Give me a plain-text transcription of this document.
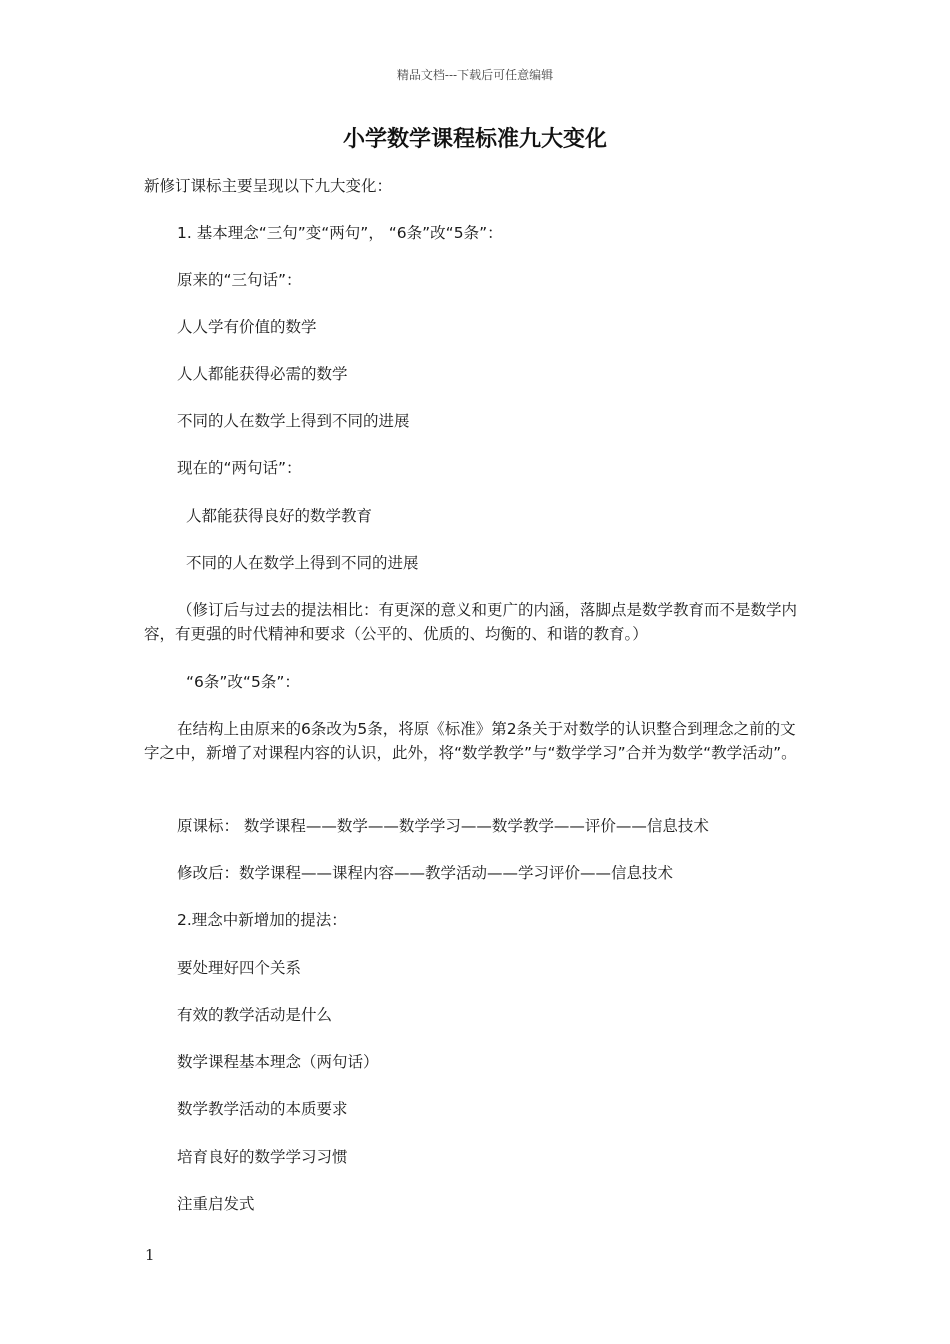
精品文档---下载后可任意编辑
小学数学课程标准九大变化
新修订课标主要呈现以下九大变化：
1. 基本理念“三句”变“两句”， “6条”改“5条”：
原来的“三句话”：
人人学有价值的数学
人人都能获得必需的数学
不同的人在数学上得到不同的进展
现在的“两句话”：
人都能获得良好的数学教育
不同的人在数学上得到不同的进展
（修订后与过去的提法相比：有更深的意义和更广的内涵，落脚点是数学教育而不是数学内容，有更强的时代精神和要求（公平的、优质的、均衡的、和谐的教育。）
“6条”改“5条”：
在结构上由原来的6条改为5条，将原《标准》第2条关于对数学的认识整合到理念之前的文字之中，新增了对课程内容的认识，此外，将“数学教学”与“数学学习”合并为数学“教学活动”。
原课标： 数学课程——数学——数学学习——数学教学——评价——信息技术
修改后：数学课程——课程内容——教学活动——学习评价——信息技术
2.理念中新增加的提法：
要处理好四个关系
有效的教学活动是什么
数学课程基本理念（两句话）
数学教学活动的本质要求
培育良好的数学学习习惯
注重启发式
1
